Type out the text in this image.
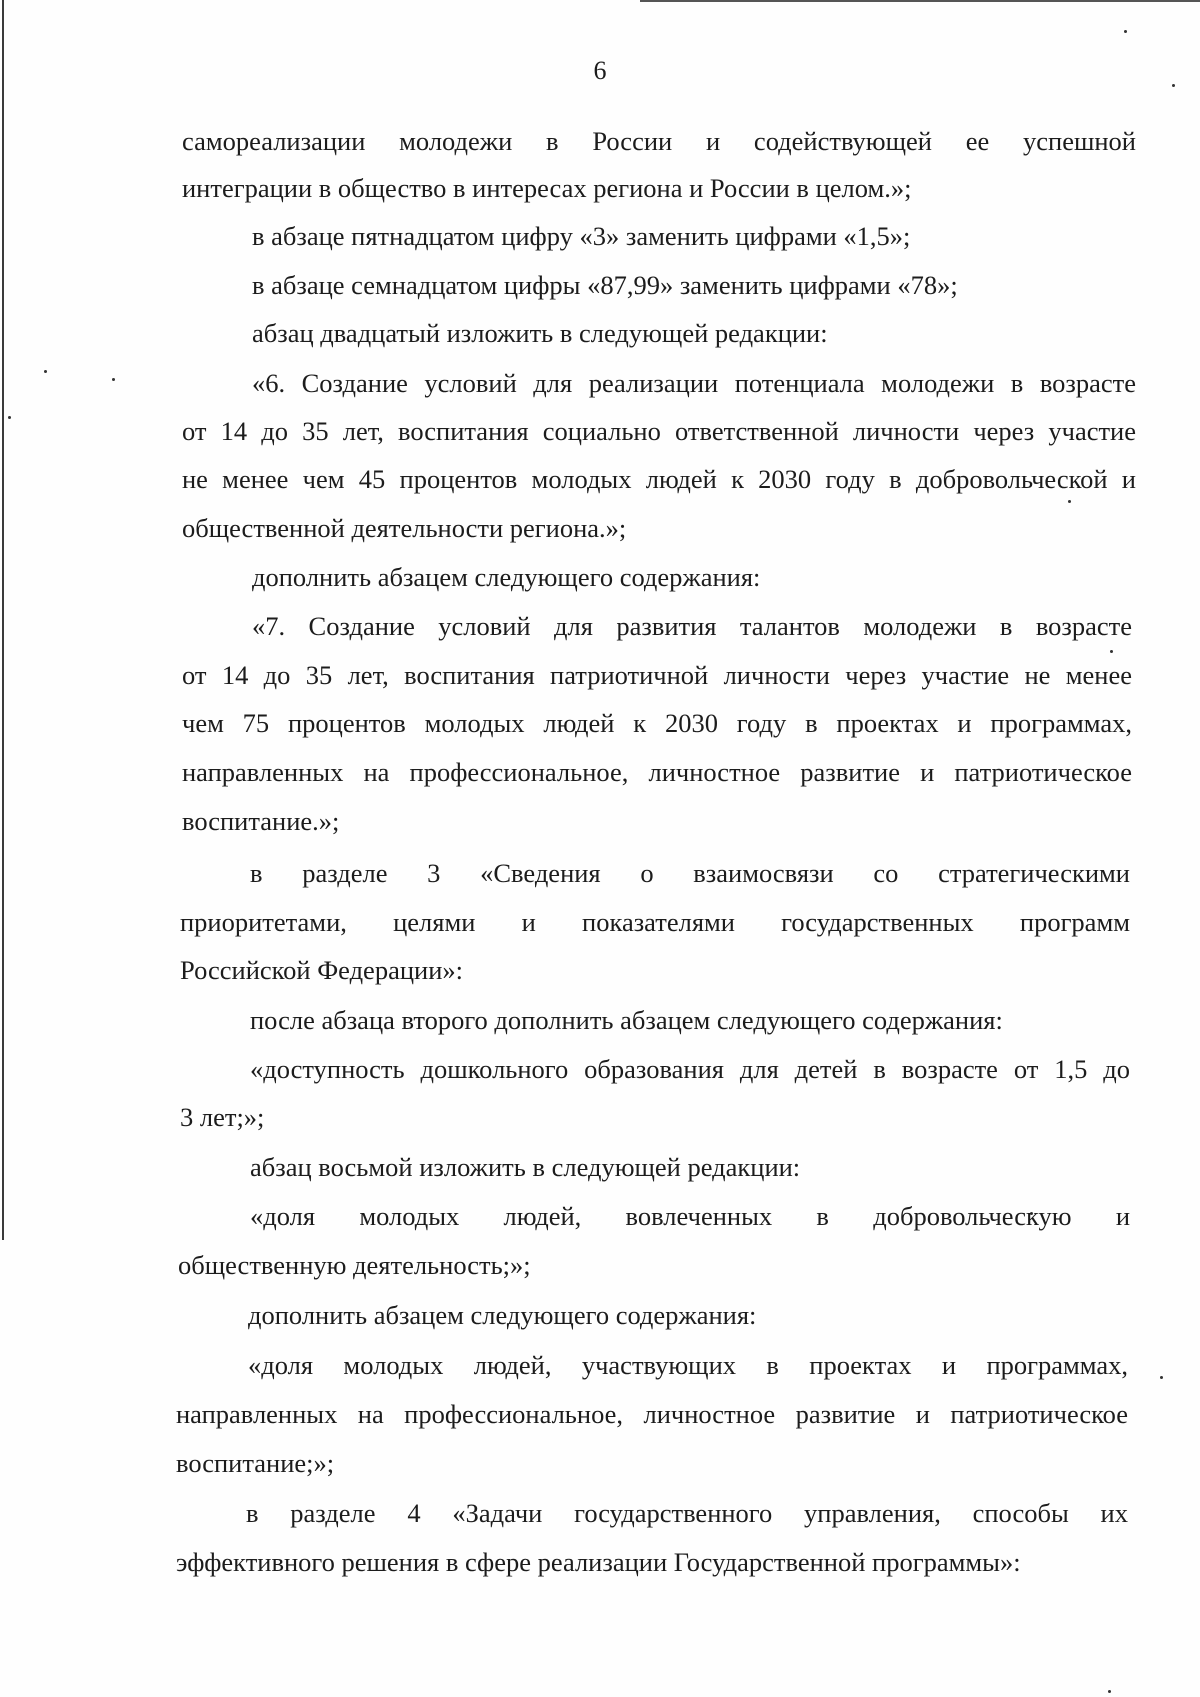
6
самореализации молодежи в России и содействующей ее успешной
интеграции в общество в интересах региона и России в целом.»;
в абзаце пятнадцатом цифру «3» заменить цифрами «1,5»;
в абзаце семнадцатом цифры «87,99» заменить цифрами «78»;
абзац двадцатый изложить в следующей редакции:
«6. Создание условий для реализации потенциала молодежи в возрасте
от 14 до 35 лет, воспитания социально ответственной личности через участие
не менее чем 45 процентов молодых людей к 2030 году в добровольческой и
общественной деятельности региона.»;
дополнить абзацем следующего содержания:
«7. Создание условий для развития талантов молодежи в возрасте
от 14 до 35 лет, воспитания патриотичной личности через участие не менее
чем 75 процентов молодых людей к 2030 году в проектах и программах,
направленных на профессиональное, личностное развитие и патриотическое
воспитание.»;
в разделе 3 «Сведения о взаимосвязи со стратегическими
приоритетами, целями и показателями государственных программ
Российской Федерации»:
после абзаца второго дополнить абзацем следующего содержания:
«доступность дошкольного образования для детей в возрасте от 1,5 до
3 лет;»;
абзац восьмой изложить в следующей редакции:
«доля молодых людей, вовлеченных в добровольческую и
общественную деятельность;»;
дополнить абзацем следующего содержания:
«доля молодых людей, участвующих в проектах и программах,
направленных на профессиональное, личностное развитие и патриотическое
воспитание;»;
в разделе 4 «Задачи государственного управления, способы их
эффективного решения в сфере реализации Государственной программы»:
